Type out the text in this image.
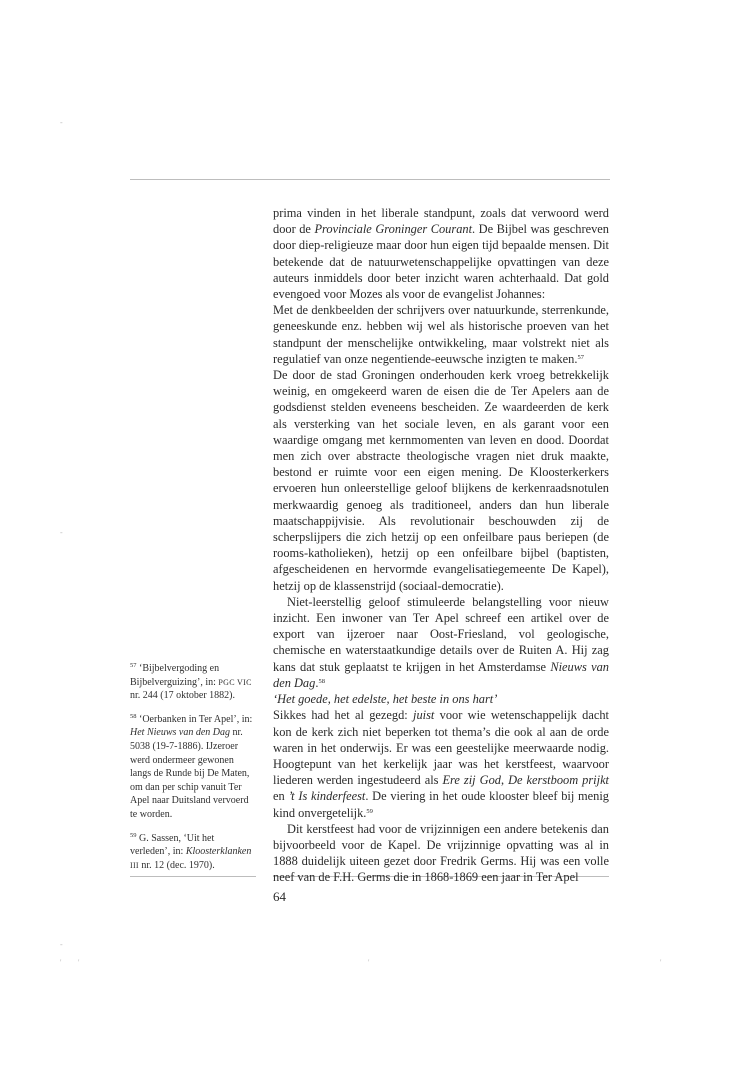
-
-
-
' '	'	'

prima vinden in het liberale standpunt, zoals dat verwoord werd door de Provinciale Groninger Courant. De Bijbel was geschreven door diep-religieuze maar door hun eigen tijd bepaalde mensen. Dit betekende dat de natuurwetenschappelijke opvattingen van deze auteurs inmiddels door beter inzicht waren achterhaald. Dat gold evengoed voor Mozes als voor de evangelist Johannes:

Met de denkbeelden der schrijvers over natuurkunde, sterrenkunde, geneeskunde enz. hebben wij wel als historische proeven van het standpunt der menschelijke ontwikkeling, maar volstrekt niet als regulatief van onze negentiende-eeuwsche inzigten te maken.$^{57}$

De door de stad Groningen onderhouden kerk vroeg betrekkelijk weinig, en omgekeerd waren de eisen die de Ter Apelers aan de godsdienst stelden eveneens bescheiden. Ze waardeerden de kerk als versterking van het sociale leven, en als garant voor een waardige omgang met kernmomenten van leven en dood. Doordat men zich over abstracte theologische vragen niet druk maakte, bestond er ruimte voor een eigen mening. De Kloosterkerkers ervoeren hun onleerstellige geloof blijkens de kerkenraadsnotulen merkwaardig genoeg als traditioneel, anders dan hun liberale maatschappijvisie. Als revolutionair beschouwden zij de scherpslijpers die zich hetzij op een onfeilbare paus beriepen (de rooms-katholieken), hetzij op een onfeilbare bijbel (baptisten, afgescheidenen en hervormde evangelisatiegemeente De Kapel), hetzij op de klassenstrijd (sociaal-democratie).

Niet-leerstellig geloof stimuleerde belangstelling voor nieuw inzicht. Een inwoner van Ter Apel schreef een artikel over de export van ijzeroer naar Oost-Friesland, vol geologische, chemische en waterstaatkundige details over de Ruiten A. Hij zag kans dat stuk geplaatst te krijgen in het Amsterdamse Nieuws van den Dag.$^{58}$

‘Het goede, het edelste, het beste in ons hart’

Sikkes had het al gezegd: juist voor wie wetenschappelijk dacht kon de kerk zich niet beperken tot thema’s die ook al aan de orde waren in het onderwijs. Er was een geestelijke meerwaarde nodig. Hoogtepunt van het kerkelijk jaar was het kerstfeest, waarvoor liederen werden ingestudeerd als Ere zij God, De kerstboom prijkt en ’t Is kinderfeest. De viering in het oude klooster bleef bij menig kind onvergetelijk.$^{59}$

Dit kerstfeest had voor de vrijzinnigen een andere betekenis dan bijvoorbeeld voor de Kapel. De vrijzinnige opvatting was al in 1888 duidelijk uiteen gezet door Fredrik Germs. Hij was een volle neef van de F.H. Germs die in 1868-1869 een jaar in Ter Apel

$^{57}$ ‘Bijbelvergoding en Bijbelverguizing’, in: PGC VIC nr. 244 (17 oktober 1882).

$^{58}$ ‘Oerbanken in Ter Apel’, in: Het Nieuws van den Dag nr. 5038 (19-7-1886). IJzeroer werd ondermeer gewonen langs de Runde bij De Maten, om dan per schip vanuit Ter Apel naar Duitsland vervoerd te worden.

$^{59}$ G. Sassen, ‘Uit het verleden’, in: Kloosterklanken III nr. 12 (dec. 1970).

64
